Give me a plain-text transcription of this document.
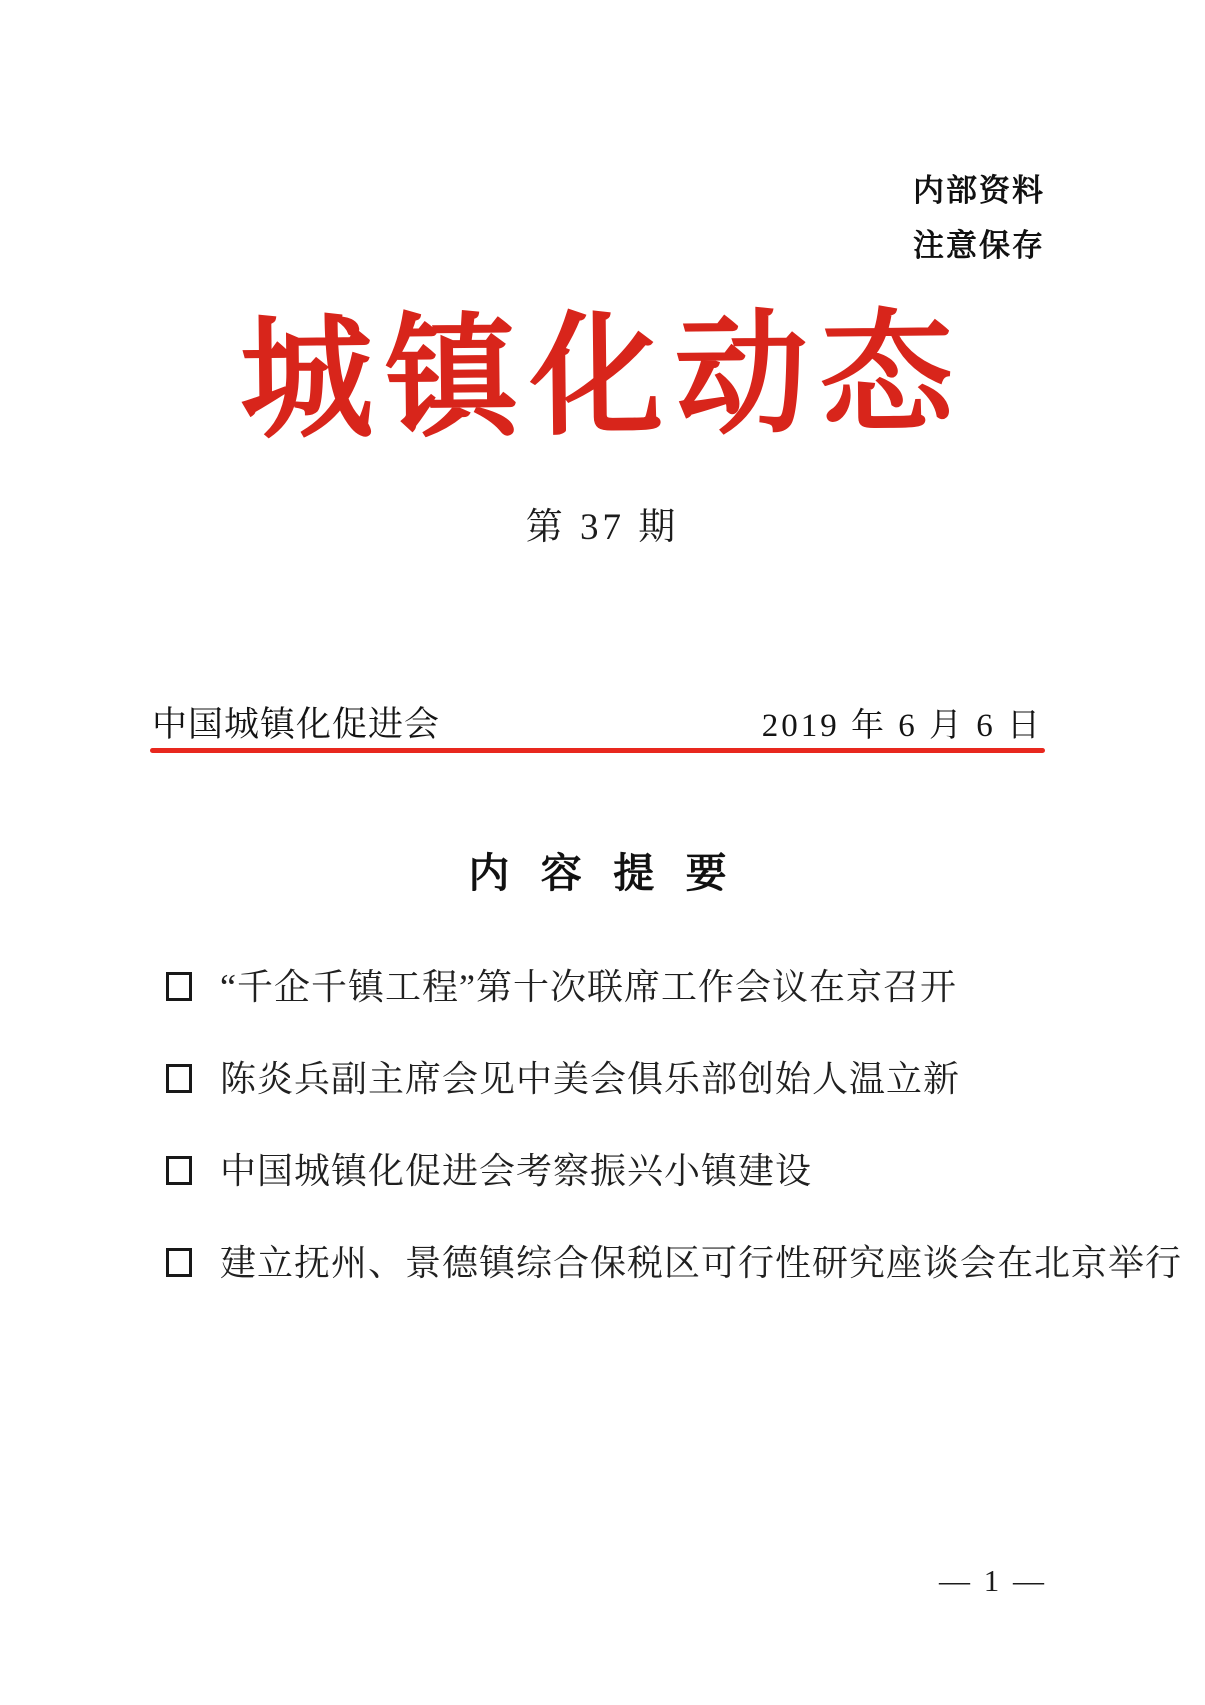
内部资料
注意保存
城镇化动态
第 37 期
中国城镇化促进会	2019 年 6 月 6 日
内 容 提 要
“千企千镇工程”第十次联席工作会议在京召开
陈炎兵副主席会见中美会俱乐部创始人温立新
中国城镇化促进会考察振兴小镇建设
建立抚州、景德镇综合保税区可行性研究座谈会在北京举行
— 1 —
